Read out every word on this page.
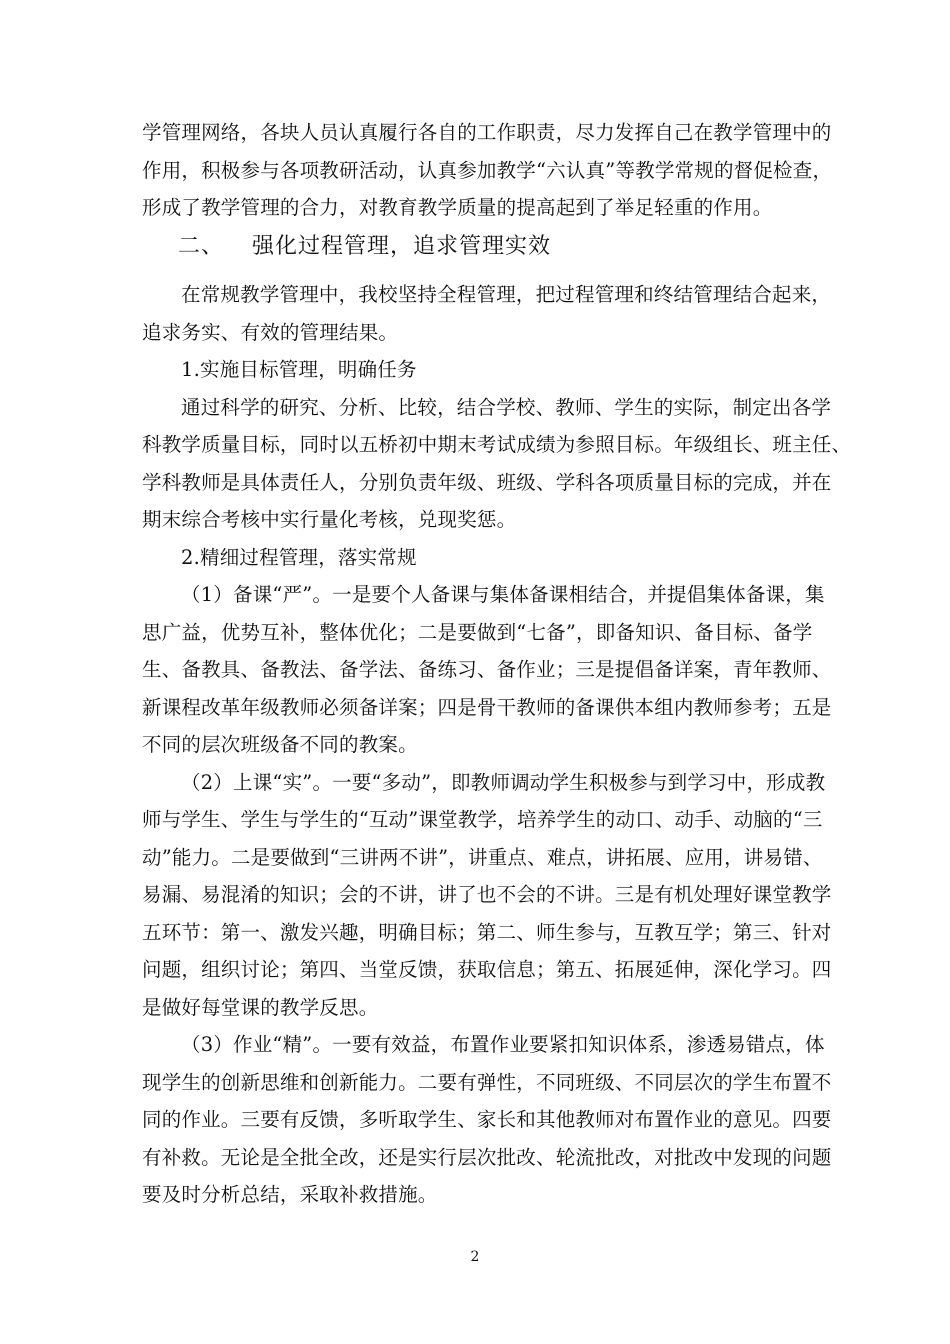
学管理网络，各块人员认真履行各自的工作职责，尽力发挥自己在教学管理中的
作用，积极参与各项教研活动，认真参加教学“六认真”等教学常规的督促检查，
形成了教学管理的合力，对教育教学质量的提高起到了举足轻重的作用。
二、 强化过程管理，追求管理实效
在常规教学管理中，我校坚持全程管理，把过程管理和终结管理结合起来，
追求务实、有效的管理结果。
1.实施目标管理，明确任务
通过科学的研究、分析、比较，结合学校、教师、学生的实际，制定出各学
科教学质量目标，同时以五桥初中期末考试成绩为参照目标。年级组长、班主任、
学科教师是具体责任人，分别负责年级、班级、学科各项质量目标的完成，并在
期末综合考核中实行量化考核，兑现奖惩。
2.精细过程管理，落实常规
（1）备课“严”。一是要个人备课与集体备课相结合，并提倡集体备课，集
思广益，优势互补，整体优化；二是要做到“七备”，即备知识、备目标、备学
生、备教具、备教法、备学法、备练习、备作业；三是提倡备详案，青年教师、
新课程改革年级教师必须备详案；四是骨干教师的备课供本组内教师参考；五是
不同的层次班级备不同的教案。
（2）上课“实”。一要“多动”，即教师调动学生积极参与到学习中，形成教
师与学生、学生与学生的“互动”课堂教学，培养学生的动口、动手、动脑的“三
动”能力。二是要做到“三讲两不讲”，讲重点、难点，讲拓展、应用，讲易错、
易漏、易混淆的知识；会的不讲，讲了也不会的不讲。三是有机处理好课堂教学
五环节：第一、激发兴趣，明确目标；第二、师生参与，互教互学；第三、针对
问题，组织讨论；第四、当堂反馈，获取信息；第五、拓展延伸，深化学习。四
是做好每堂课的教学反思。
（3）作业“精”。一要有效益，布置作业要紧扣知识体系，渗透易错点，体
现学生的创新思维和创新能力。二要有弹性，不同班级、不同层次的学生布置不
同的作业。三要有反馈，多听取学生、家长和其他教师对布置作业的意见。四要
有补救。无论是全批全改，还是实行层次批改、轮流批改，对批改中发现的问题
要及时分析总结，采取补救措施。
2
